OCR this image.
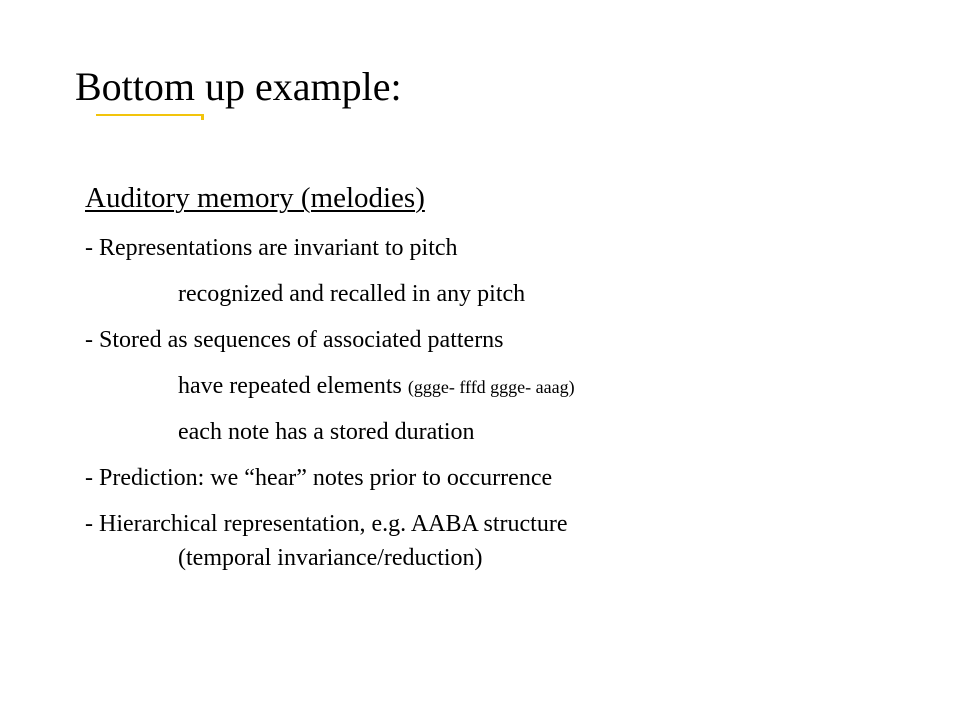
Bottom up example:
Auditory memory (melodies)
- Representations are invariant to pitch
recognized and recalled in any pitch
- Stored as sequences of associated patterns
have repeated elements (ggge- fffd ggge- aaag)
each note has a stored duration
- Prediction: we “hear” notes prior to occurrence
- Hierarchical representation, e.g. AABA structure
(temporal invariance/reduction)
